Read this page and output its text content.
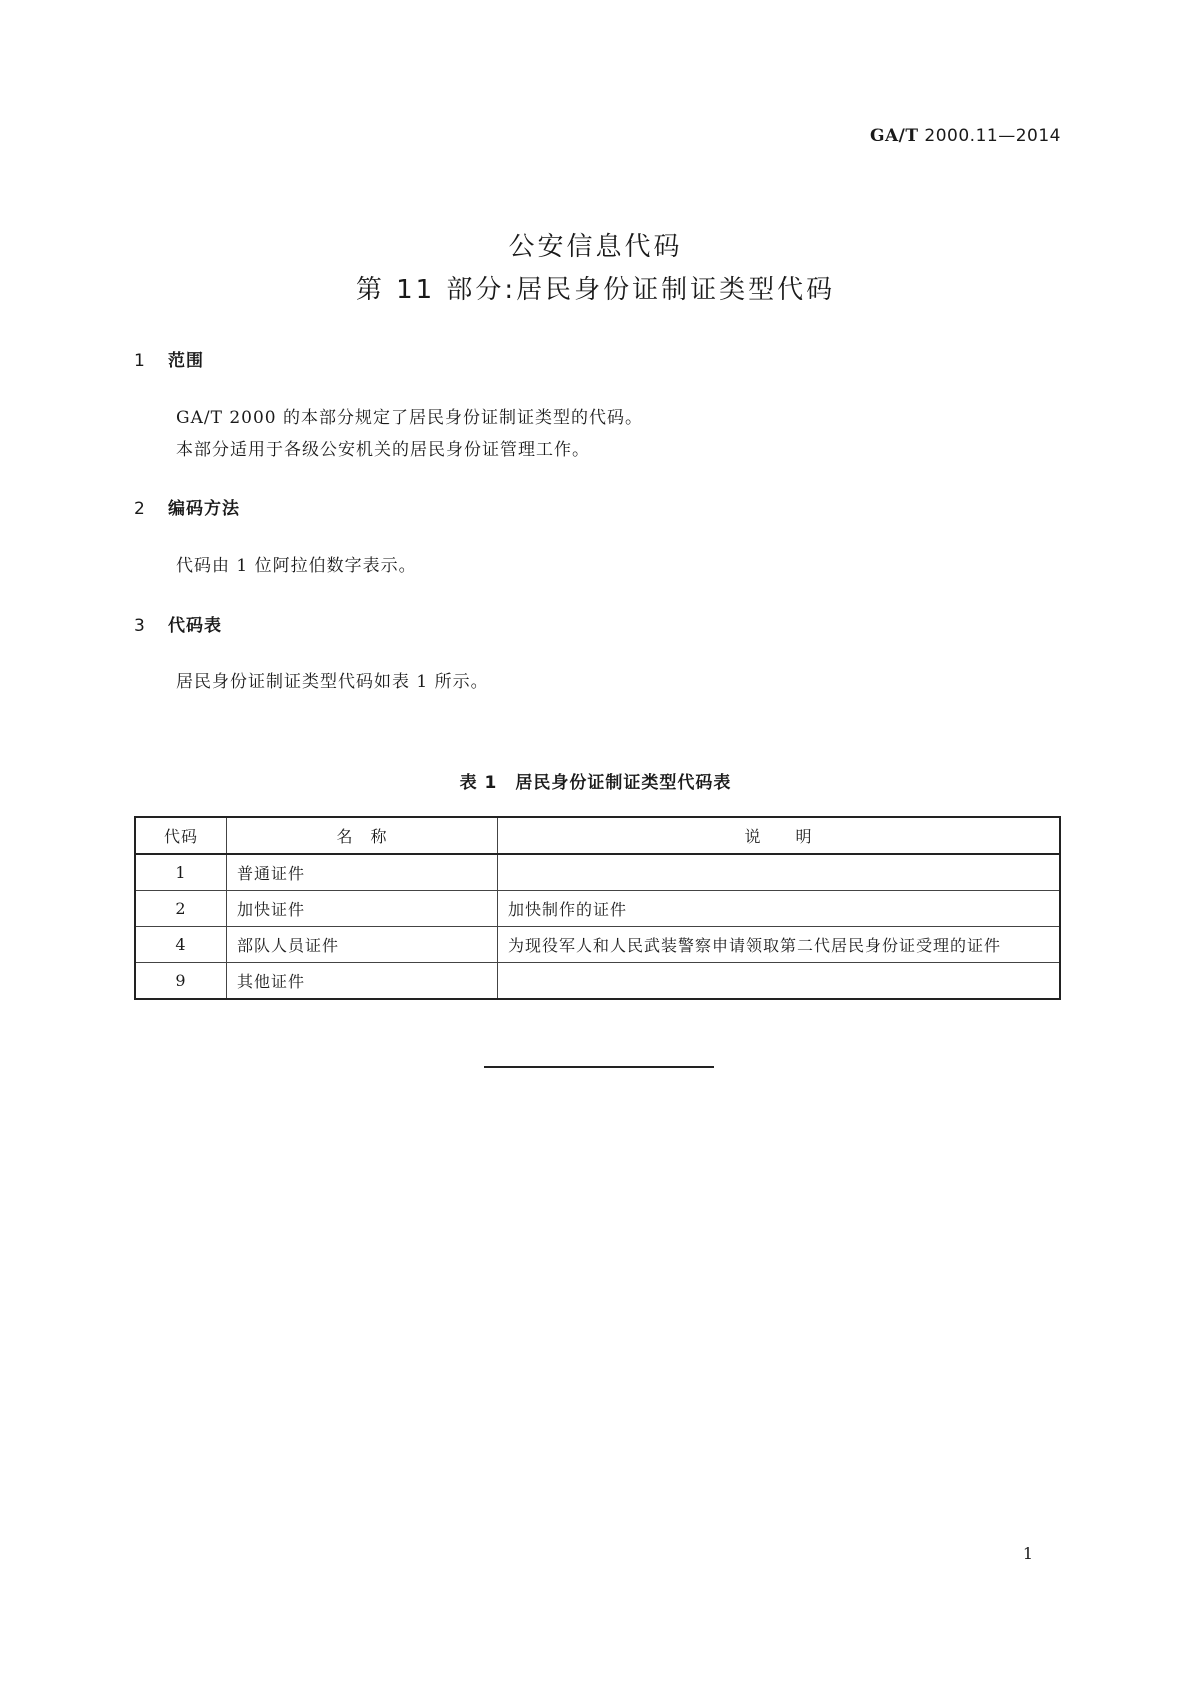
GA/T 2000.11—2014
公安信息代码
第 11 部分:居民身份证制证类型代码
1 范围
GA/T 2000 的本部分规定了居民身份证制证类型的代码。
本部分适用于各级公安机关的居民身份证管理工作。
2 编码方法
代码由 1 位阿拉伯数字表示。
3 代码表
居民身份证制证类型代码如表 1 所示。
表 1 居民身份证制证类型代码表
代码	名　称	说　　明
1	普通证件	
2	加快证件	加快制作的证件
4	部队人员证件	为现役军人和人民武装警察申请领取第二代居民身份证受理的证件
9	其他证件	
1
